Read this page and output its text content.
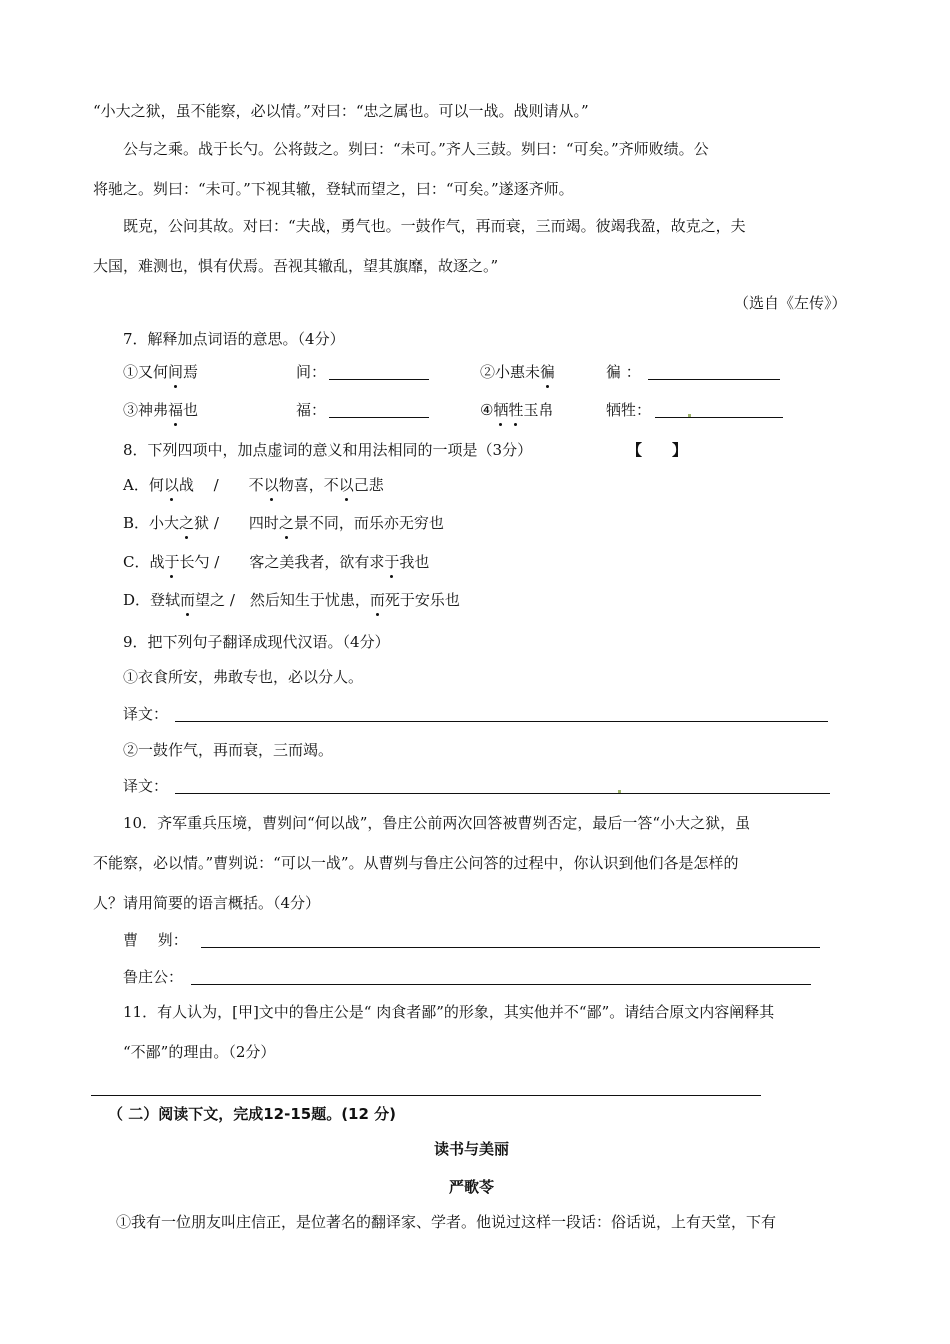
“小大之狱，虽不能察，必以情。”对曰：“忠之属也。可以一战。战则请从。”
公与之乘。战于长勺。公将鼓之。刿曰：“未可。”齐人三鼓。刿曰：“可矣。”齐师败绩。公
将驰之。刿曰：“未可。”下视其辙，登轼而望之，曰：“可矣。”遂逐齐师。
既克，公问其故。对曰：“夫战，勇气也。一鼓作气，再而衰，三而竭。彼竭我盈，故克之，夫
大国，难测也，惧有伏焉。吾视其辙乱，望其旗靡，故逐之。”
（选自《左传》）
7．解释加点词语的意思。（4分）
①又何间焉	间：	②小惠未徧	徧 ：
③神弗福也	福：	④牺牲玉帛	牺牲：
8．下列四项中，加点虚词的意义和用法相同的一项是（3分）	【　　】
A．何以战　 /　　不以物喜，不以己悲
B．小大之狱 /　　四时之景不同，而乐亦无穷也
C．战于长勺 /　　客之美我者，欲有求于我也
D．登轼而望之 /　然后知生于忧患，而死于安乐也
9．把下列句子翻译成现代汉语。（4分）
①衣食所安，弗敢专也，必以分人。
译文：
②一鼓作气，再而衰，三而竭。
译文：
10．齐军重兵压境，曹刿问“何以战”，鲁庄公前两次回答被曹刿否定，最后一答“小大之狱，虽
不能察，必以情。”曹刿说：“可以一战”。从曹刿与鲁庄公问答的过程中，你认识到他们各是怎样的
人？请用简要的语言概括。（4分）
曹　 刿：
鲁庄公：
11．有人认为，[甲]文中的鲁庄公是“ 肉食者鄙”的形象，其实他并不“鄙”。请结合原文内容阐释其
“不鄙”的理由。（2分）
（ 二）阅读下文，完成12-15题。(12 分)
读书与美丽
严歌苓
①我有一位朋友叫庄信正，是位著名的翻译家、学者。他说过这样一段话：俗话说，上有天堂，下有
